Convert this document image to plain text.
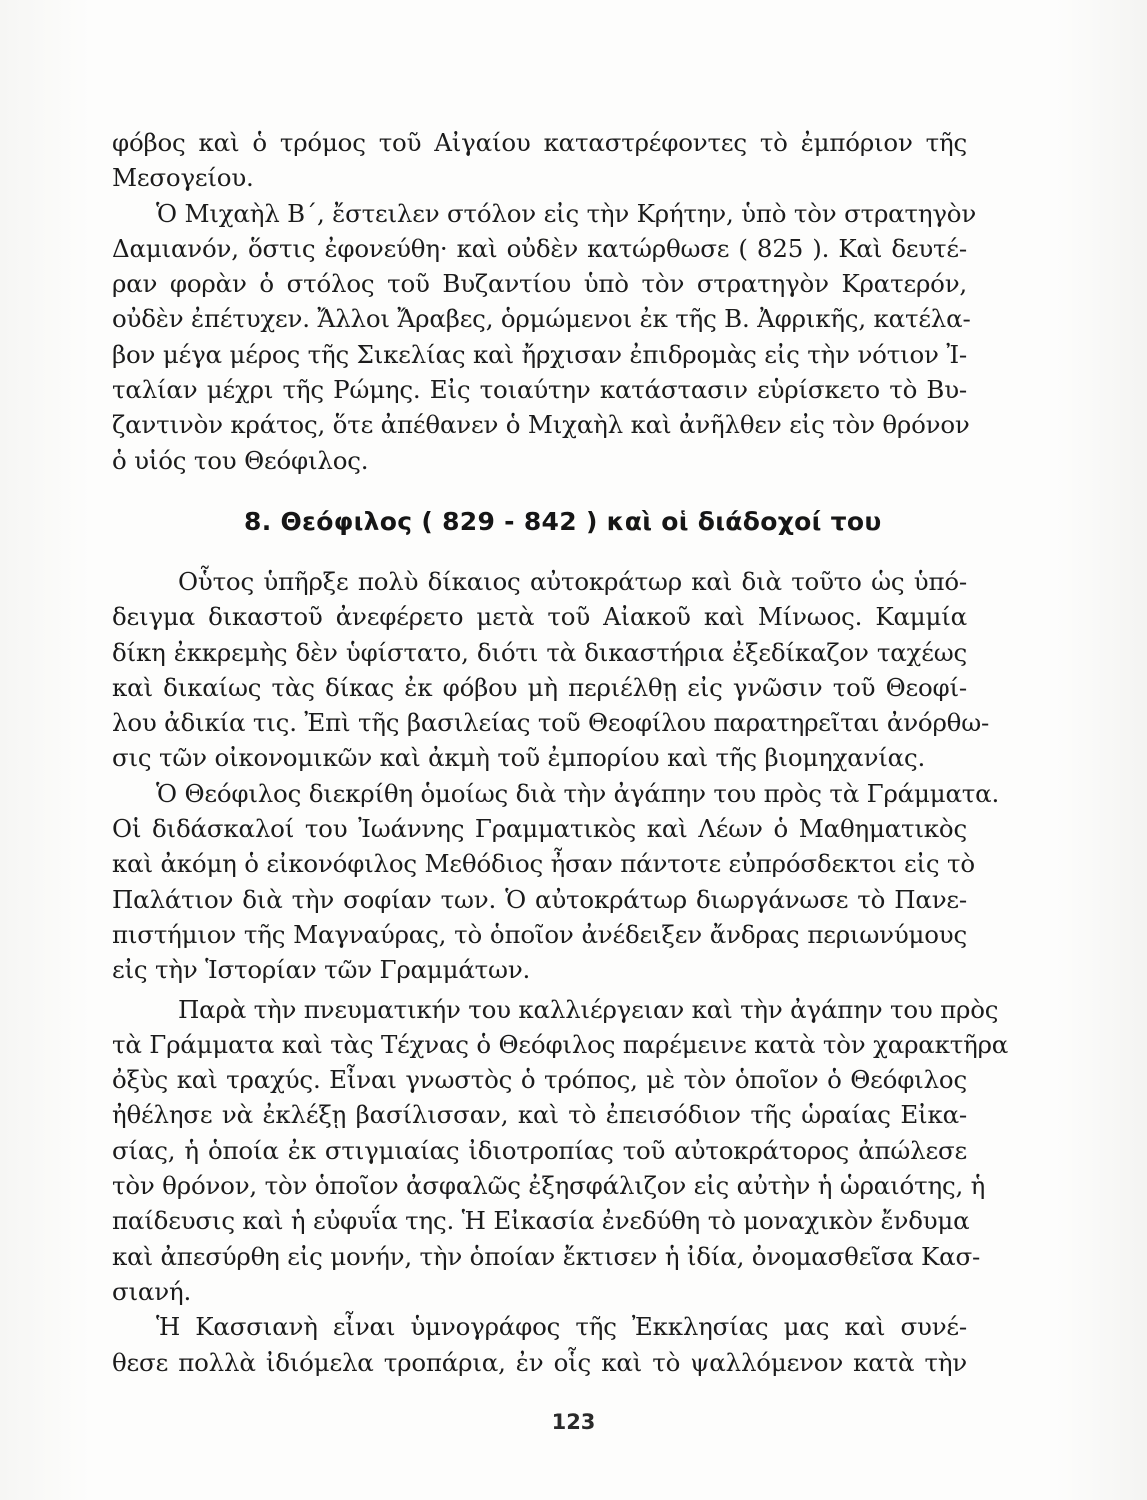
φόβος καὶ ὁ τρόμος τοῦ Αἰγαίου καταστρέφοντες τὸ ἐμπόριον τῆς
Μεσογείου.
Ὁ Μιχαὴλ Β΄, ἔστειλεν στόλον εἰς τὴν Κρήτην, ὑπὸ τὸν στρατηγὸν
Δαμιανόν, ὅστις ἐφονεύθη· καὶ οὐδὲν κατώρθωσε ( 825 ). Καὶ δευτέ-
ραν φορὰν ὁ στόλος τοῦ Βυζαντίου ὑπὸ τὸν στρατηγὸν Κρατερόν,
οὐδὲν ἐπέτυχεν. Ἄλλοι Ἄραβες, ὁρμώμενοι ἐκ τῆς Β. Ἀφρικῆς, κατέλα-
βον μέγα μέρος τῆς Σικελίας καὶ ἤρχισαν ἐπιδρομὰς εἰς τὴν νότιον Ἰ-
ταλίαν μέχρι τῆς Ρώμης. Εἰς τοιαύτην κατάστασιν εὑρίσκετο τὸ Βυ-
ζαντινὸν κράτος, ὅτε ἀπέθανεν ὁ Μιχαὴλ καὶ ἀνῆλθεν εἰς τὸν θρόνον
ὁ υἱός του Θεόφιλος.
8. Θεόφιλος ( 829 - 842 ) καὶ οἱ διάδοχοί του
Οὗτος ὑπῆρξε πολὺ δίκαιος αὐτοκράτωρ καὶ διὰ τοῦτο ὡς ὑπό-
δειγμα δικαστοῦ ἀνεφέρετο μετὰ τοῦ Αἰακοῦ καὶ Μίνωος. Καμμία
δίκη ἐκκρεμὴς δὲν ὑφίστατο, διότι τὰ δικαστήρια ἐξεδίκαζον ταχέως
καὶ δικαίως τὰς δίκας ἐκ φόβου μὴ περιέλθῃ εἰς γνῶσιν τοῦ Θεοφί-
λου ἀδικία τις. Ἐπὶ τῆς βασιλείας τοῦ Θεοφίλου παρατηρεῖται ἀνόρθω-
σις τῶν οἰκονομικῶν καὶ ἀκμὴ τοῦ ἐμπορίου καὶ τῆς βιομηχανίας.
Ὁ Θεόφιλος διεκρίθη ὁμοίως διὰ τὴν ἀγάπην του πρὸς τὰ Γράμματα.
Οἱ διδάσκαλοί του Ἰωάννης Γραμματικὸς καὶ Λέων ὁ Μαθηματικὸς
καὶ ἀκόμη ὁ εἰκονόφιλος Μεθόδιος ἦσαν πάντοτε εὐπρόσδεκτοι εἰς τὸ
Παλάτιον διὰ τὴν σοφίαν των. Ὁ αὐτοκράτωρ διωργάνωσε τὸ Πανε-
πιστήμιον τῆς Μαγναύρας, τὸ ὁποῖον ἀνέδειξεν ἄνδρας περιωνύμους
εἰς τὴν Ἱστορίαν τῶν Γραμμάτων.
Παρὰ τὴν πνευματικήν του καλλιέργειαν καὶ τὴν ἀγάπην του πρὸς
τὰ Γράμματα καὶ τὰς Τέχνας ὁ Θεόφιλος παρέμεινε κατὰ τὸν χαρακτῆρα
ὀξὺς καὶ τραχύς. Εἶναι γνωστὸς ὁ τρόπος, μὲ τὸν ὁποῖον ὁ Θεόφιλος
ἠθέλησε νὰ ἐκλέξῃ βασίλισσαν, καὶ τὸ ἐπεισόδιον τῆς ὡραίας Εἰκα-
σίας, ἡ ὁποία ἐκ στιγμιαίας ἰδιοτροπίας τοῦ αὐτοκράτορος ἀπώλεσε
τὸν θρόνον, τὸν ὁποῖον ἀσφαλῶς ἐξησφάλιζον εἰς αὐτὴν ἡ ὡραιότης, ἡ
παίδευσις καὶ ἡ εὐφυΐα της. Ἡ Εἰκασία ἐνεδύθη τὸ μοναχικὸν ἔνδυμα
καὶ ἀπεσύρθη εἰς μονήν, τὴν ὁποίαν ἔκτισεν ἡ ἰδία, ὀνομασθεῖσα Κασ-
σιανή.
Ἡ Κασσιανὴ εἶναι ὑμνογράφος τῆς Ἐκκλησίας μας καὶ συνέ-
θεσε πολλὰ ἰδιόμελα τροπάρια, ἐν οἷς καὶ τὸ ψαλλόμενον κατὰ τὴν
123
